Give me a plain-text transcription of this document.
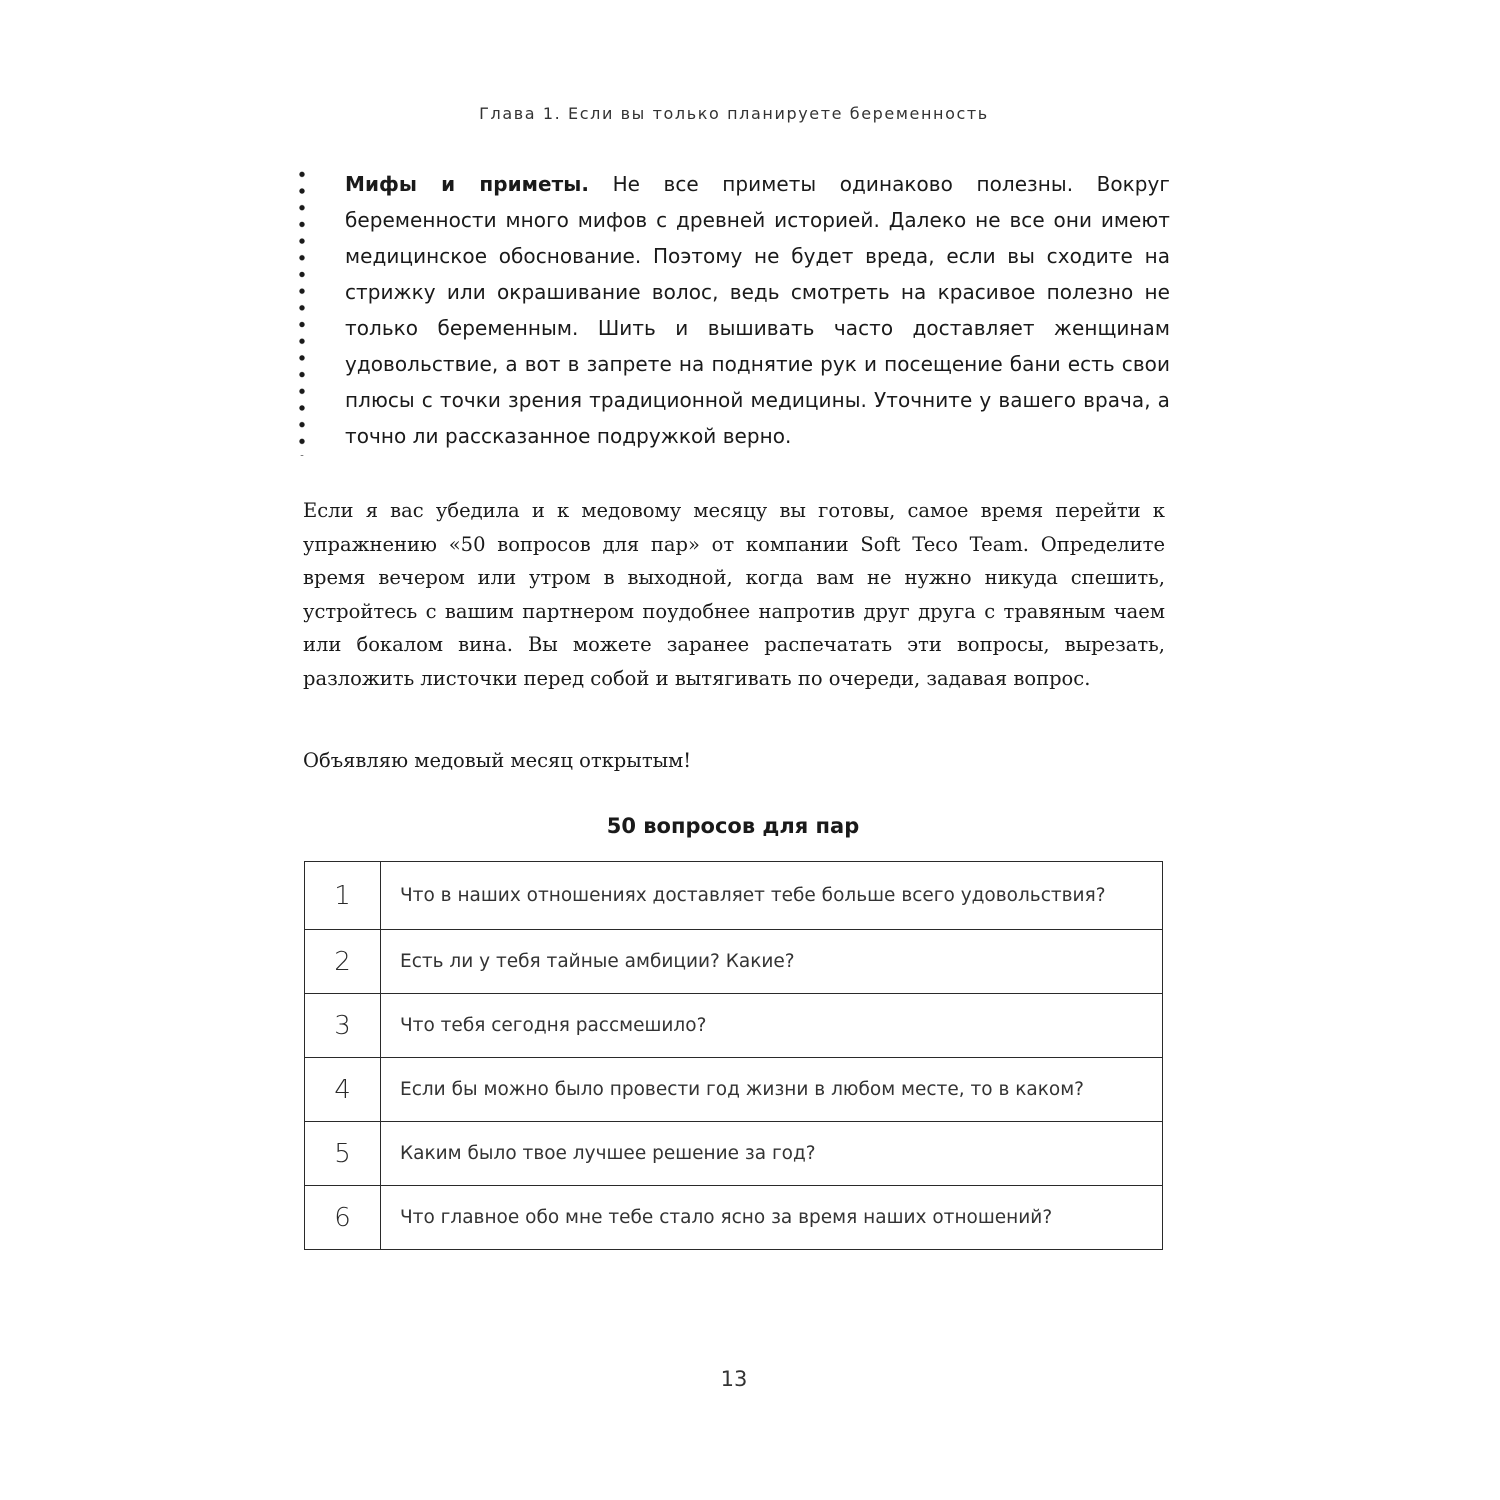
Глава 1. Если вы только планируете беременность
Мифы и приметы. Не все приметы одинаково полезны. Вокруг беременности много мифов с древней историей. Далеко не все они имеют медицинское обоснование. Поэтому не будет вреда, если вы сходите на стрижку или окрашивание волос, ведь смотреть на красивое полезно не только беременным. Шить и вышивать часто доставляет женщинам удовольствие, а вот в запрете на поднятие рук и посещение бани есть свои плюсы с точки зрения традиционной медицины. Уточните у вашего врача, а точно ли рассказанное подружкой верно.

Если я вас убедила и к медовому месяцу вы готовы, самое время перейти к упражнению «50 вопросов для пар» от компании Soft Teco Team. Определите время вечером или утром в выходной, когда вам не нужно никуда спешить, устройтесь с вашим партнером поудобнее напротив друг друга с травяным чаем или бокалом вина. Вы можете заранее распечатать эти вопросы, вырезать, разложить листочки перед собой и вытягивать по очереди, задавая вопрос.

Объявляю медовый месяц открытым!

50 вопросов для пар
1	Что в наших отношениях доставляет тебе больше всего удовольствия?
2	Есть ли у тебя тайные амбиции? Какие?
3	Что тебя сегодня рассмешило?
4	Если бы можно было провести год жизни в любом месте, то в каком?
5	Каким было твое лучшее решение за год?
6	Что главное обо мне тебе стало ясно за время наших отношений?
13
